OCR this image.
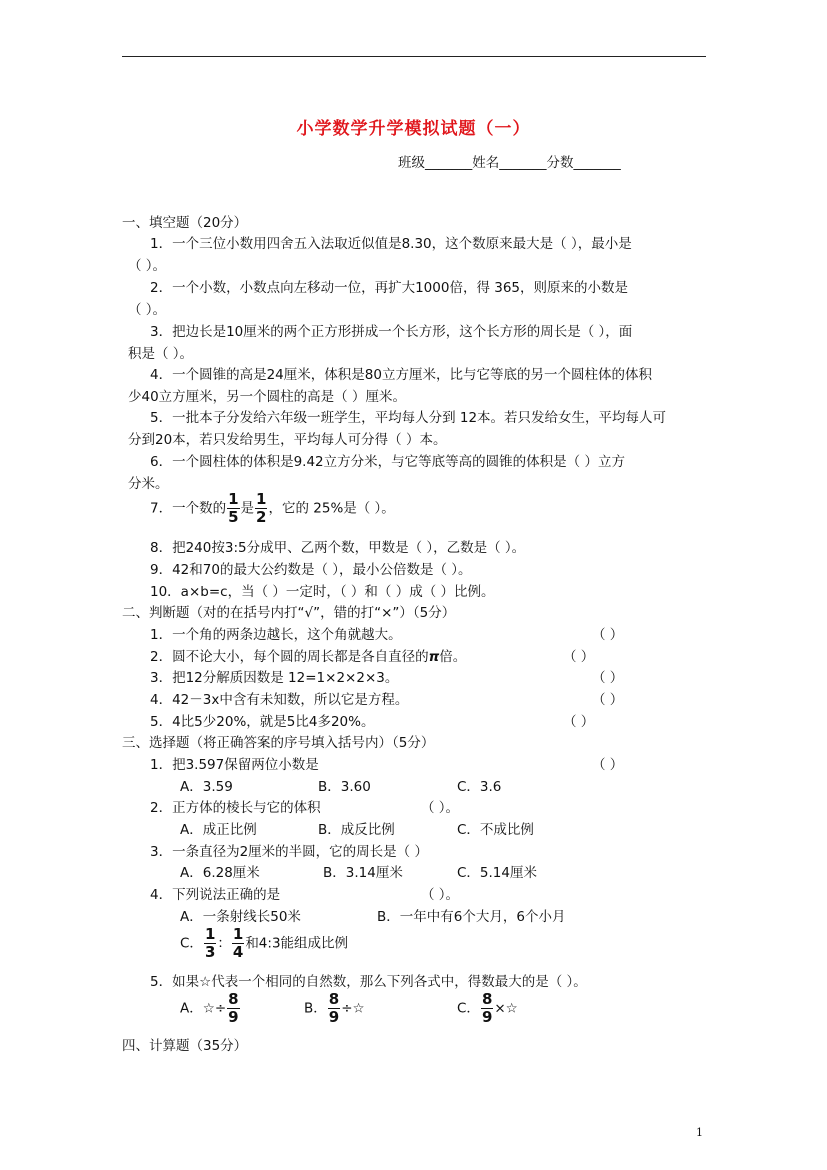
小学数学升学模拟试题（一）
班级_______姓名_______分数_______
一、填空题（20分）
1．一个三位小数用四舍五入法取近似值是8.30，这个数原来最大是（ ），最小是
（ ）。
2．一个小数，小数点向左移动一位，再扩大1000倍，得 365，则原来的小数是
（ ）。
3．把边长是10厘米的两个正方形拼成一个长方形，这个长方形的周长是（ ），面
积是（ ）。
4．一个圆锥的高是24厘米，体积是80立方厘米，比与它等底的另一个圆柱体的体积
少40立方厘米，另一个圆柱的高是（ ）厘米。
5．一批本子分发给六年级一班学生，平均每人分到 12本。若只发给女生，平均每人可
分到20本，若只发给男生，平均每人可分得（ ）本。
6．一个圆柱体的体积是9.42立方分米，与它等底等高的圆锥的体积是（ ）立方
分米。
7．一个数的 $\frac{1}{5}$ 是 $\frac{1}{2}$ ，它的 25%是（ ）。
8．把240按3:5分成甲、乙两个数，甲数是（ ），乙数是（ ）。
9．42和70的最大公约数是（ ），最小公倍数是（ ）。
10．a×b=c，当（ ）一定时，（ ）和（ ）成（ ）比例。
二、判断题（对的在括号内打“√”，错的打“×”）（5分）
1．一个角的两条边越长，这个角就越大。	（ ）
2．圆不论大小，每个圆的周长都是各自直径的π倍。	（ ）
3．把12分解质因数是 12=1×2×2×3。	（ ）
4．42－3x中含有未知数，所以它是方程。	（ ）
5．4比5少20%，就是5比4多20%。	（ ）
三、选择题（将正确答案的序号填入括号内）（5分）
1．把3.597保留两位小数是	（ ）
A．3.59	B．3.60	C．3.6
2．正方体的棱长与它的体积	（ ）。
A．成正比例	B．成反比例	C．不成比例
3．一条直径为2厘米的半圆，它的周长是（ ）
A．6.28厘米	B．3.14厘米	C．5.14厘米
4．下列说法正确的是	（ ）。
A．一条射线长50米	B．一年中有6个大月，6个小月
C． $\frac{1}{3}$ ： $\frac{1}{4}$ 和4:3能组成比例
5．如果☆代表一个相同的自然数，那么下列各式中，得数最大的是（ ）。
A．☆÷ $\frac{8}{9}$	B． $\frac{8}{9}$ ÷☆	C． $\frac{8}{9}$ ×☆
四、计算题（35分）
1
